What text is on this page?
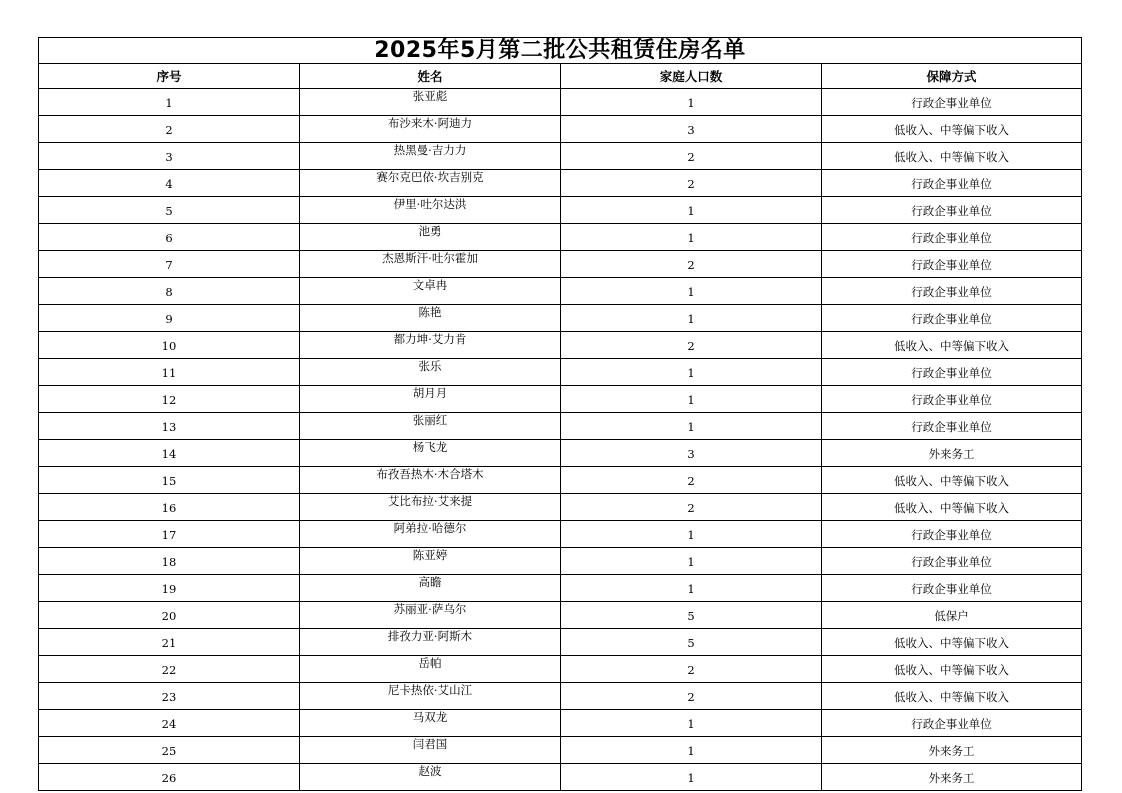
2025年5月第二批公共租赁住房名单			
序号	姓名	家庭人口数	保障方式
1	张亚彪	1	行政企事业单位
2	布沙来木·阿迪力	3	低收入、中等偏下收入
3	热黑曼·吉力力	2	低收入、中等偏下收入
4	赛尔克巴依·坎吉别克	2	行政企事业单位
5	伊里·吐尔达洪	1	行政企事业单位
6	池勇	1	行政企事业单位
7	杰恩斯汗·吐尔霍加	2	行政企事业单位
8	文卓冉	1	行政企事业单位
9	陈艳	1	行政企事业单位
10	都力坤·艾力肯	2	低收入、中等偏下收入
11	张乐	1	行政企事业单位
12	胡月月	1	行政企事业单位
13	张丽红	1	行政企事业单位
14	杨飞龙	3	外来务工
15	布孜吾热木·木合塔木	2	低收入、中等偏下收入
16	艾比布拉·艾来提	2	低收入、中等偏下收入
17	阿弟拉·哈德尔	1	行政企事业单位
18	陈亚婷	1	行政企事业单位
19	高瞻	1	行政企事业单位
20	苏丽亚·萨乌尔	5	低保户
21	排孜力亚·阿斯木	5	低收入、中等偏下收入
22	岳帕	2	低收入、中等偏下收入
23	尼卡热依·艾山江	2	低收入、中等偏下收入
24	马双龙	1	行政企事业单位
25	闫君国	1	外来务工
26	赵波	1	外来务工
